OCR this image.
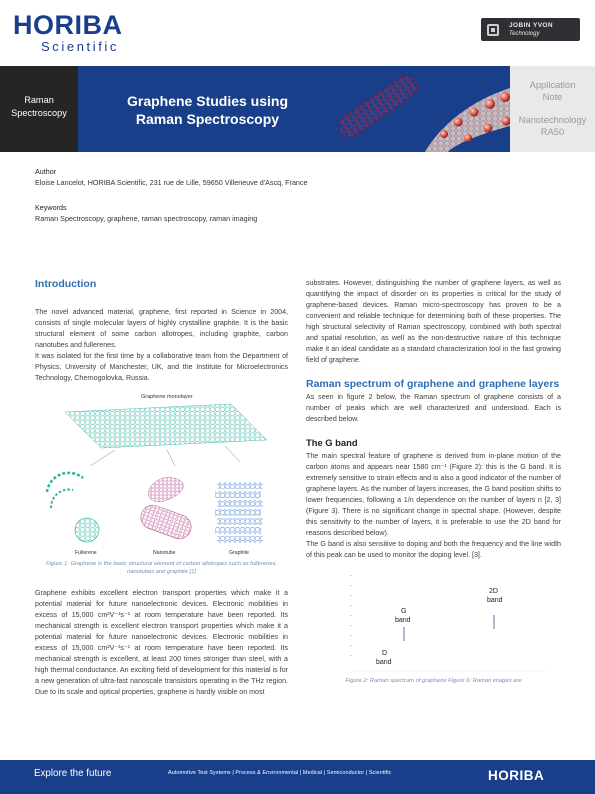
HORIBA
Scientific
JOBIN YVON
Technology
Raman
Spectroscopy
Graphene Studies using
Raman Spectroscopy
Application
Note
Nanotechnology
RA50
Author
Eloise Lancelot, HORIBA Scientific, 231 rue de Lille, 59650 Villeneuve d'Ascq, France
Keywords
Raman Spectroscopy, graphene, raman spectroscopy, raman imaging
Introduction

The novel advanced material, graphene, first reported in Science in 2004, consists of single molecular layers of highly crystalline graphite. It is the basic structural element of some carbon allotropes, including graphite, carbon nanotubes and fullerenes.

It was isolated for the first time by a collaborative team from the Department of Physics, University of Manchester, UK, and the Institute for Microelectronics Technology, Chernogolovka, Russia.

Graphene monolayer
Fullerene	Nanotube	Graphite
Figure 1: Graphene is the basic structural element of carbon allotropes such as fullerenes, nanotubes and graphite [1]

Graphene exhibits excellent electron transport properties which make it a potential material for future nanoelectronic devices. Electronic mobilities in excess of 15,000 cm²V⁻¹s⁻¹ at room temperature have been reported. Its mechanical strength is excellent electron transport properties which make it a potential material for future nanoelectronic devices. Electronic mobilities in excess of 15,000 cm²V⁻¹s⁻¹ at room temperature have been reported. Its mechanical strength is excellent, at least 200 times stronger than steel, with a high thermal conductance. An exciting field of development for this material is for a new generation of ultra-fast nanoscale transistors operating in the THz region. Due to its scale and optical properties, graphene is hardly visible on most

substrates. However, distinguishing the number of graphene layers, as well as quantifying the impact of disorder on its properties is critical for the study of graphene-based devices. Raman micro-spectroscopy has proven to be a convenient and reliable technique for determining both of these properties. The high structural selectivity of Raman spectroscopy, combined with both spectral and spatial resolution, as well as the non-destructive nature of this technique make it an ideal candidate as a standard characterization tool in the fast growing field of graphene.

Raman spectrum of graphene and graphene layers

As seen in figure 2 below, the Raman spectrum of graphene consists of a number of peaks which are well characterized and understood. Each is described below.

The G band

The main spectral feature of graphene is derived from in-plane motion of the carbon atoms and appears near 1580 cm⁻¹ (Figure 2): this is the G band. It is extremely sensitive to strain effects and is also a good indicator of the number of graphene layers. As the number of layers increases, the G band position shifts to lower frequencies, following a 1/n dependence on the number of layers n [2, 3] (Figure 3). There is no significant change in spectral shape. (However, despite this sensitivity to the number of layers, it is preferable to use the 2D band for reasons described below).

The G band is also sensitive to doping and both the frequency and the line width of this peak can be used to monitor the doping level. [3].

G
band
2D
band
D
band
Figure 2: Raman spectrum of graphene Figure 6: Raman images are
Explore the future	Automotive Test Systems | Process & Environmental | Medical | Semiconductor | Scientific	HORIBA
